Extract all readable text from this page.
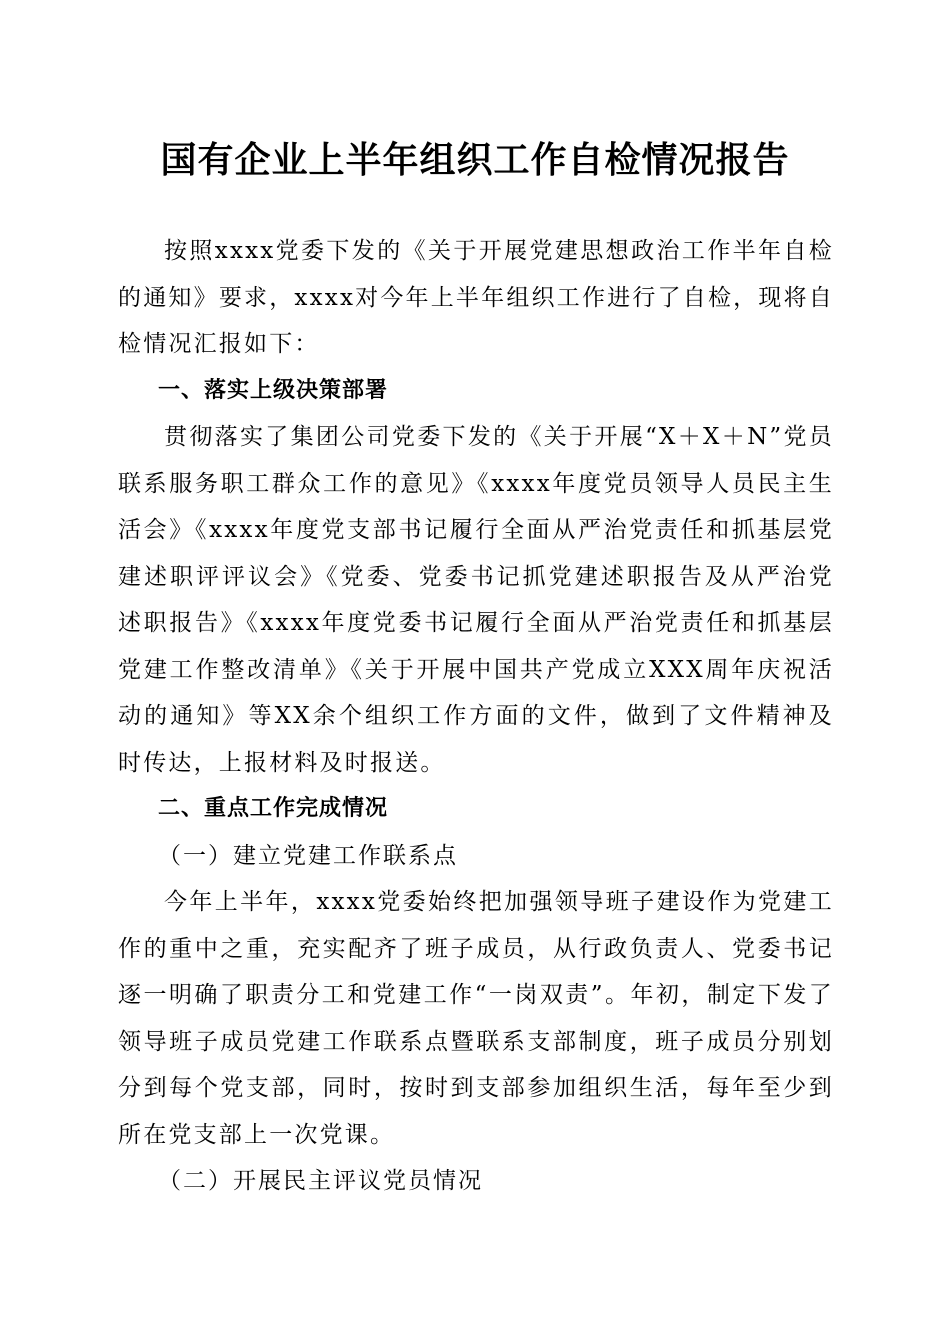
国有企业上半年组织工作自检情况报告

按照xxxx党委下发的《关于开展党建思想政治工作半年自检的通知》要求，xxxx对今年上半年组织工作进行了自检，现将自检情况汇报如下：

一、落实上级决策部署

贯彻落实了集团公司党委下发的《关于开展“X＋X＋N”党员联系服务职工群众工作的意见》《xxxx年度党员领导人员民主生活会》《xxxx年度党支部书记履行全面从严治党责任和抓基层党建述职评评议会》《党委、党委书记抓党建述职报告及从严治党述职报告》《xxxx年度党委书记履行全面从严治党责任和抓基层党建工作整改清单》《关于开展中国共产党成立XXX周年庆祝活动的通知》等XX余个组织工作方面的文件，做到了文件精神及时传达，上报材料及时报送。

二、重点工作完成情况

（一）建立党建工作联系点

今年上半年，xxxx党委始终把加强领导班子建设作为党建工作的重中之重，充实配齐了班子成员，从行政负责人、党委书记逐一明确了职责分工和党建工作“一岗双责”。年初，制定下发了领导班子成员党建工作联系点暨联系支部制度，班子成员分别划分到每个党支部，同时，按时到支部参加组织生活，每年至少到所在党支部上一次党课。

（二）开展民主评议党员情况
